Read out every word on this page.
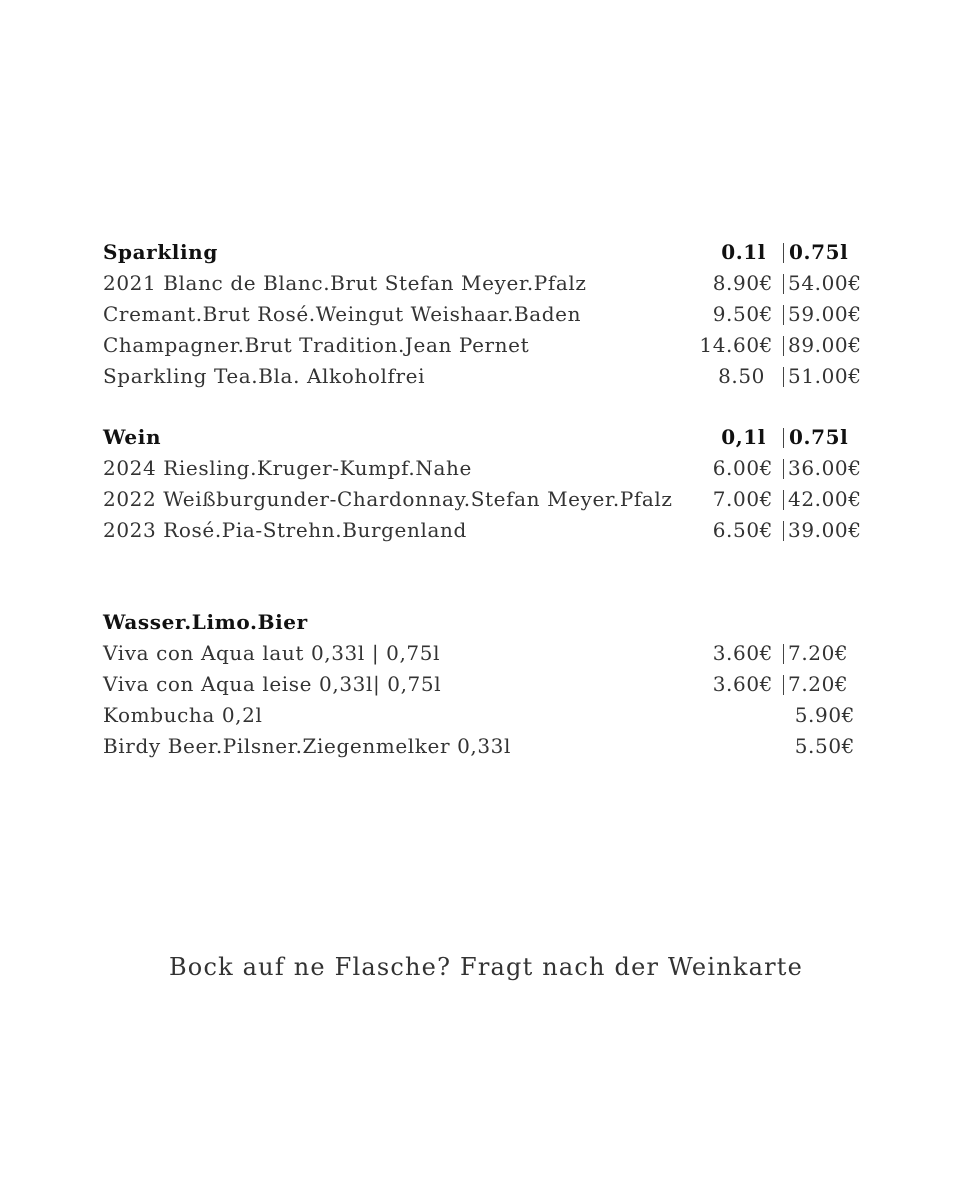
Sparkling	0.1l 0.75l
2021 Blanc de Blanc.Brut Stefan Meyer.Pfalz	8.90€ 54.00€
Cremant.Brut Rosé.Weingut Weishaar.Baden	9.50€ 59.00€
Champagner.Brut Tradition.Jean Pernet	14.60€ 89.00€
Sparkling Tea.Bla. Alkoholfrei	8.50 51.00€
Wein	0,1l 0.75l
2024 Riesling.Kruger-Kumpf.Nahe	6.00€ 36.00€
2022 Weißburgunder-Chardonnay.Stefan Meyer.Pfalz 7.00€ 42.00€
2023 Rosé.Pia-Strehn.Burgenland	6.50€ 39.00€
Wasser.Limo.Bier
Viva con Aqua laut 0,33l | 0,75l	3.60€ 7.20€
Viva con Aqua leise 0,33l| 0,75l	3.60€ 7.20€
Kombucha 0,2l	5.90€
Birdy Beer.Pilsner.Ziegenmelker 0,33l	5.50€
Bock auf ne Flasche? Fragt nach der Weinkarte
